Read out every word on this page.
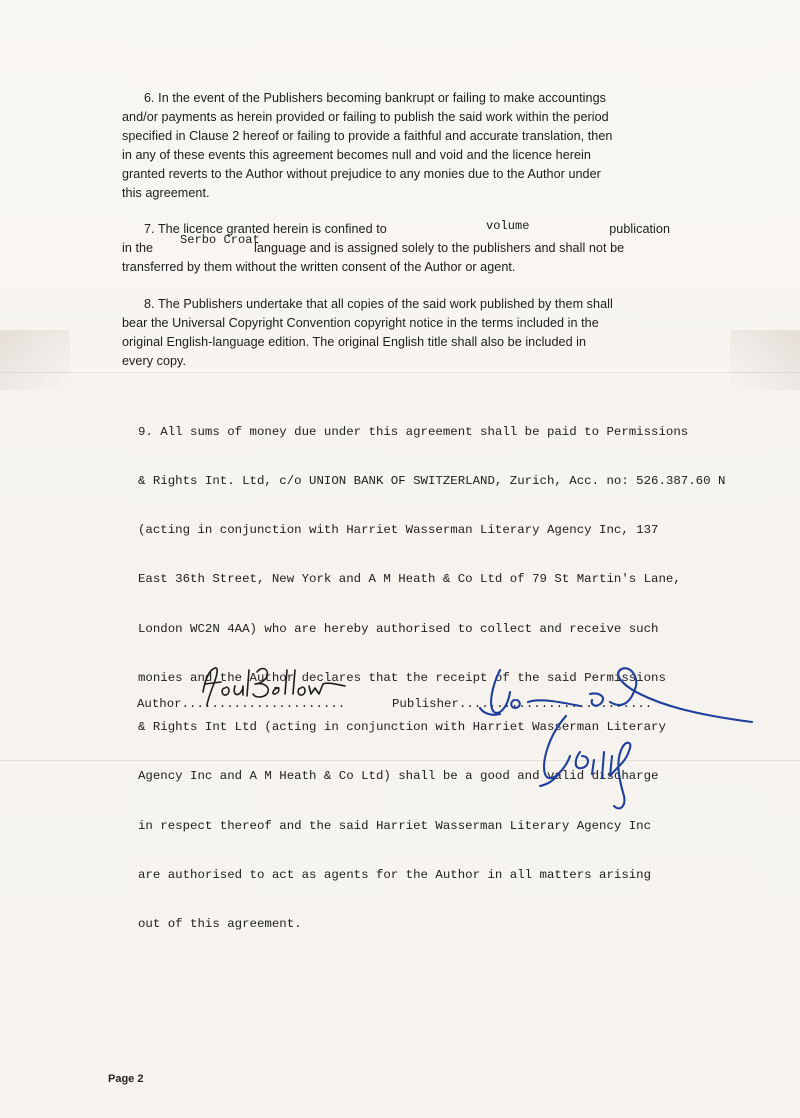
6. In the event of the Publishers becoming bankrupt or failing to make accountings
and/or payments as herein provided or failing to publish the said work within the period
specified in Clause 2 hereof or failing to provide a faithful and accurate translation, then
in any of these events this agreement becomes null and void and the licence herein
granted reverts to the Author without prejudice to any monies due to the Author under
this agreement.
7. The licence granted herein is confined to	volume	publication
in the
Serbo Croat
language and is assigned solely to the publishers and shall not be
transferred by them without the written consent of the Author or agent.
8. The Publishers undertake that all copies of the said work published by them shall
bear the Universal Copyright Convention copyright notice in the terms included in the
original English-language edition. The original English title shall also be included in
every copy.

9. All sums of money due under this agreement shall be paid to Permissions

& Rights Int. Ltd, c/o UNION BANK OF SWITZERLAND, Zurich, Acc. no: 526.387.60 N

(acting in conjunction with Harriet Wasserman Literary Agency Inc, 137

East 36th Street, New York and A M Heath & Co Ltd of 79 St Martin's Lane,

London WC2N 4AA) who are hereby authorised to collect and receive such

monies and the Author declares that the receipt of the said Permissions

& Rights Int Ltd (acting in conjunction with Harriet Wasserman Literary

Agency Inc and A M Heath & Co Ltd) shall be a good and valid discharge

in respect thereof and the said Harriet Wasserman Literary Agency Inc

are authorised to act as agents for the Author in all matters arising

out of this agreement.

Author......................	Publisher..........................
Page 2
